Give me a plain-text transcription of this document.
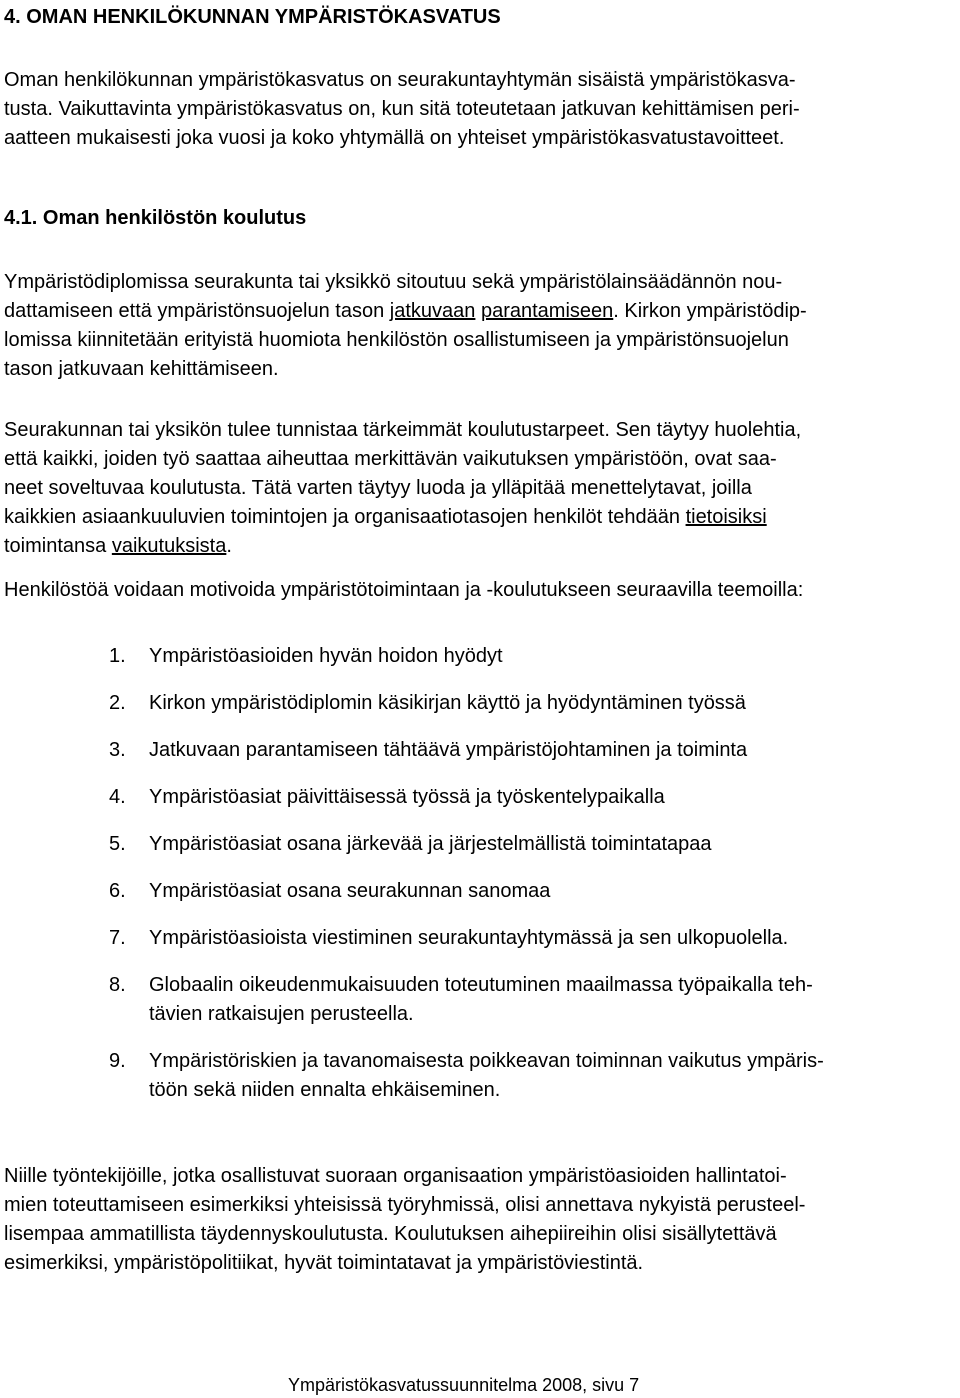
4. OMAN HENKILÖKUNNAN YMPÄRISTÖKASVATUS

Oman henkilökunnan ympäristökasvatus on seurakuntayhtymän sisäistä ympäristökasva-
tusta. Vaikuttavinta ympäristökasvatus on, kun sitä toteutetaan jatkuvan kehittämisen peri-
aatteen mukaisesti joka vuosi ja koko yhtymällä on yhteiset ympäristökasvatustavoitteet.

4.1. Oman henkilöstön koulutus

Ympäristödiplomissa seurakunta tai yksikkö sitoutuu sekä ympäristölainsäädännön nou-
dattamiseen että ympäristönsuojelun tason jatkuvaan parantamiseen. Kirkon ympäristödip-
lomissa kiinnitetään erityistä huomiota henkilöstön osallistumiseen ja ympäristönsuojelun
tason jatkuvaan kehittämiseen.

Seurakunnan tai yksikön tulee tunnistaa tärkeimmät koulutustarpeet. Sen täytyy huolehtia,
että kaikki, joiden työ saattaa aiheuttaa merkittävän vaikutuksen ympäristöön, ovat saa-
neet soveltuvaa koulutusta. Tätä varten täytyy luoda ja ylläpitää menettelytavat, joilla
kaikkien asiaankuuluvien toimintojen ja organisaatiotasojen henkilöt tehdään tietoisiksi
toimintansa vaikutuksista.

Henkilöstöä voidaan motivoida ympäristötoimintaan ja -koulutukseen seuraavilla teemoilla:

1. Ympäristöasioiden hyvän hoidon hyödyt
2. Kirkon ympäristödiplomin käsikirjan käyttö ja hyödyntäminen työssä
3. Jatkuvaan parantamiseen tähtäävä ympäristöjohtaminen ja toiminta
4. Ympäristöasiat päivittäisessä työssä ja työskentelypaikalla
5. Ympäristöasiat osana järkevää ja järjestelmällistä toimintatapaa
6. Ympäristöasiat osana seurakunnan sanomaa
7. Ympäristöasioista viestiminen seurakuntayhtymässä ja sen ulkopuolella.
8. Globaalin oikeudenmukaisuuden toteutuminen maailmassa työpaikalla teh-
tävien ratkaisujen perusteella.
9. Ympäristöriskien ja tavanomaisesta poikkeavan toiminnan vaikutus ympäris-
töön sekä niiden ennalta ehkäiseminen.

Niille työntekijöille, jotka osallistuvat suoraan organisaation ympäristöasioiden hallintatoi-
mien toteuttamiseen esimerkiksi yhteisissä työryhmissä, olisi annettava nykyistä perusteel-
lisempaa ammatillista täydennyskoulutusta. Koulutuksen aihepiireihin olisi sisällytettävä
esimerkiksi, ympäristöpolitiikat, hyvät toimintatavat ja ympäristöviestintä.

Ympäristökasvatussuunnitelma 2008, sivu 7
